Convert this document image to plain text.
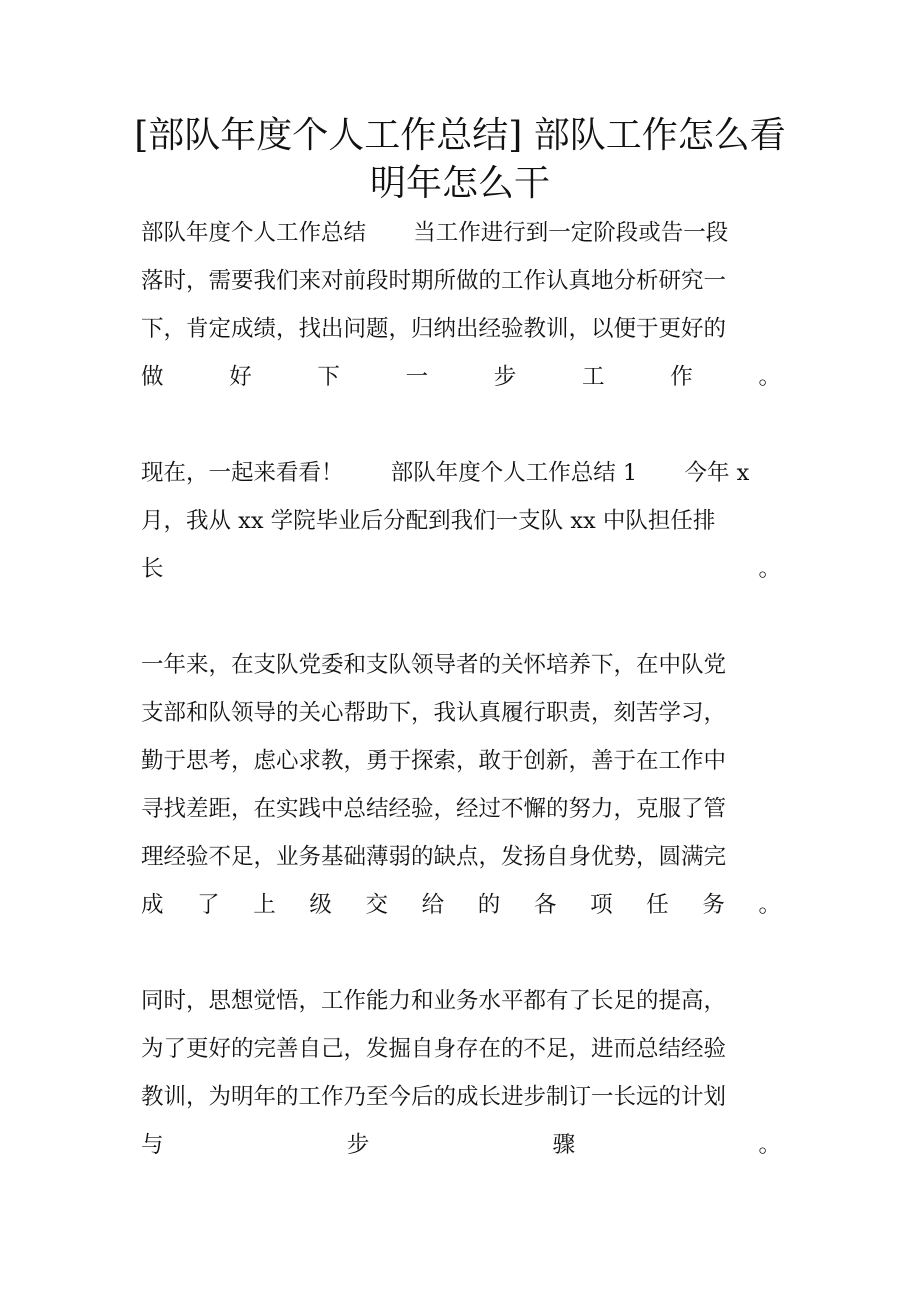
[部队年度个人工作总结] 部队工作怎么看
明年怎么干

部队年度个人工作总结 当工作进行到一定阶段或告一段

落时，需要我们来对前段时期所做的工作认真地分析研究一

下，肯定成绩，找出问题，归纳出经验教训，以便于更好的

做 好 下 一 步 工 作 。

现在，一起来看看！ 部队年度个人工作总结 1 今年 x

月，我从 xx 学院毕业后分配到我们一支队 xx 中队担任排

长 。

一年来，在支队党委和支队领导者的关怀培养下，在中队党

支部和队领导的关心帮助下，我认真履行职责，刻苦学习，

勤于思考，虑心求教，勇于探索，敢于创新，善于在工作中

寻找差距，在实践中总结经验，经过不懈的努力，克服了管

理经验不足，业务基础薄弱的缺点，发扬自身优势，圆满完

成 了 上 级 交 给 的 各 项 任 务 。

同时，思想觉悟，工作能力和业务水平都有了长足的提高，

为了更好的完善自己，发掘自身存在的不足，进而总结经验

教训，为明年的工作乃至今后的成长进步制订一长远的计划

与 步 骤 。
